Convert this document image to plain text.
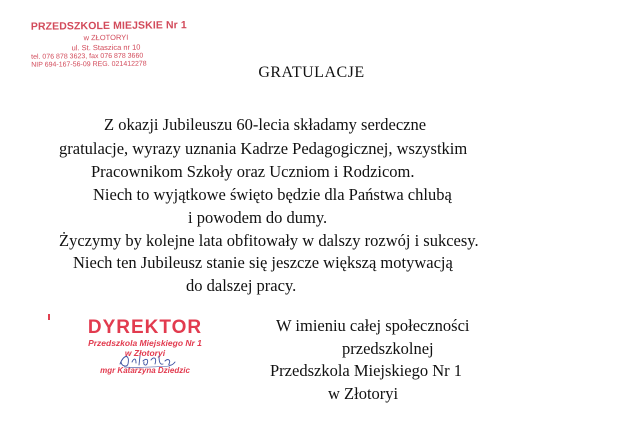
PRZEDSZKOLE MIEJSKIE Nr 1
w ZŁOTORYI
ul. St. Staszica nr 10
tel. 076 878 3623, fax 076 878 3660
NIP 694-167-56-09 REG. 021412278	GRATULACJE
Z okazji Jubileuszu 60-lecia składamy serdeczne
gratulacje, wyrazy uznania Kadrze Pedagogicznej, wszystkim
Pracownikom Szkoły oraz Uczniom i Rodzicom.
Niech to wyjątkowe święto będzie dla Państwa chlubą
i powodem do dumy.
Życzymy by kolejne lata obfitowały w dalszy rozwój i sukcesy.
Niech ten Jubileusz stanie się jeszcze większą motywacją
do dalszej pracy.
DYREKTOR
Przedszkola Miejskiego Nr 1
w Złotoryi
mgr Katarzyna Dziedzic
W imieniu całej społeczności
przedszkolnej
Przedszkola Miejskiego Nr 1
w Złotoryi
